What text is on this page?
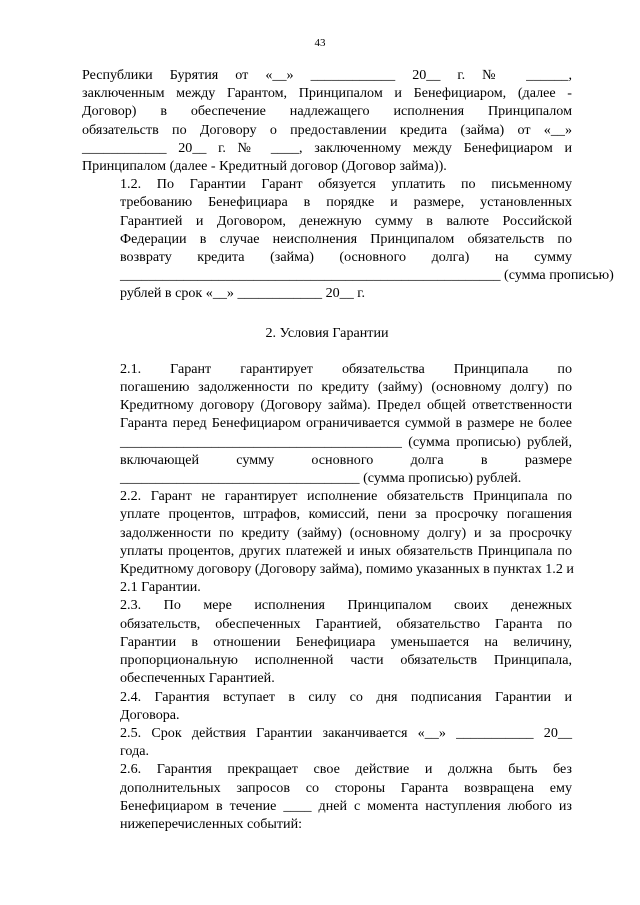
43

Республики Бурятия от «__» ____________ 20__ г. № ______,
заключенным между Гарантом, Принципалом и Бенефициаром, (далее -
Договор) в обеспечение надлежащего исполнения Принципалом
обязательств по Договору о предоставлении кредита (займа) от «__»
____________ 20__ г. № ____, заключенному между Бенефициаром и
Принципалом (далее - Кредитный договор (Договор займа)).

1.2. По Гарантии Гарант обязуется уплатить по письменному
требованию Бенефициара в порядке и размере, установленных
Гарантией и Договором, денежную сумму в валюте Российской
Федерации в случае неисполнения Принципалом обязательств по
возврату кредита (займа) (основного долга) на сумму
______________________________________________________ (сумма прописью)
рублей в срок «__» ____________ 20__ г.

2. Условия Гарантии

2.1. Гарант гарантирует обязательства Принципала по
погашению задолженности по кредиту (займу) (основному долгу) по
Кредитному договору (Договору займа). Предел общей ответственности
Гаранта перед Бенефициаром ограничивается суммой в размере не более
________________________________________ (сумма прописью) рублей,
включающей сумму основного долга в размере
__________________________________ (сумма прописью) рублей.

2.2. Гарант не гарантирует исполнение обязательств Принципала по
уплате процентов, штрафов, комиссий, пени за просрочку погашения
задолженности по кредиту (займу) (основному долгу) и за просрочку
уплаты процентов, других платежей и иных обязательств Принципала по
Кредитному договору (Договору займа), помимо указанных в пунктах 1.2 и
2.1 Гарантии.

2.3. По мере исполнения Принципалом своих денежных
обязательств, обеспеченных Гарантией, обязательство Гаранта по
Гарантии в отношении Бенефициара уменьшается на величину,
пропорциональную исполненной части обязательств Принципала,
обеспеченных Гарантией.

2.4. Гарантия вступает в силу со дня подписания Гарантии и
Договора.

2.5. Срок действия Гарантии заканчивается «__» ___________ 20__
года.

2.6. Гарантия прекращает свое действие и должна быть без
дополнительных запросов со стороны Гаранта возвращена ему
Бенефициаром в течение ____ дней с момента наступления любого из
нижеперечисленных событий:
